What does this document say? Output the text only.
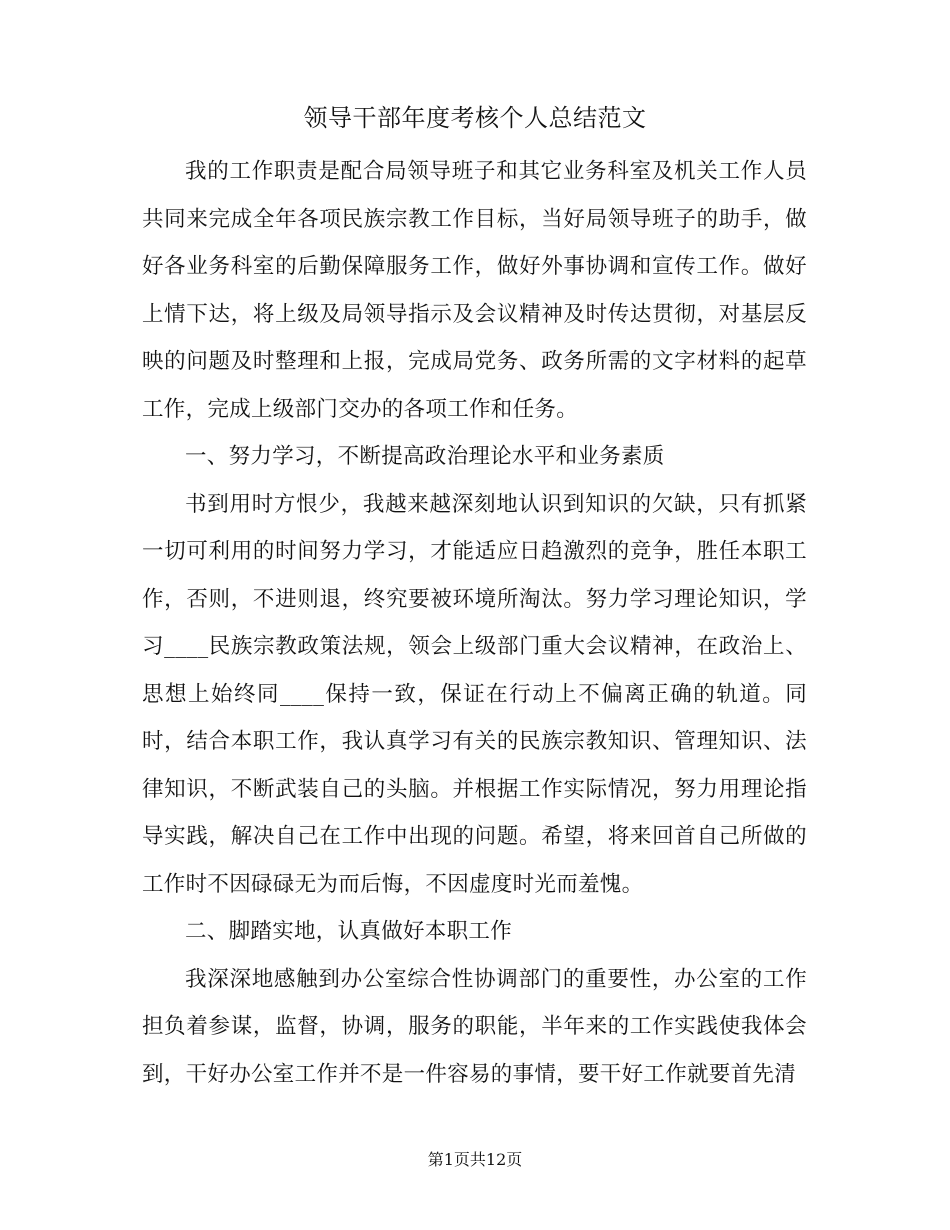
领导干部年度考核个人总结范文

我的工作职责是配合局领导班子和其它业务科室及机关工作人员共同来完成全年各项民族宗教工作目标，当好局领导班子的助手，做好各业务科室的后勤保障服务工作，做好外事协调和宣传工作。做好上情下达，将上级及局领导指示及会议精神及时传达贯彻，对基层反映的问题及时整理和上报，完成局党务、政务所需的文字材料的起草工作，完成上级部门交办的各项工作和任务。

一、努力学习，不断提高政治理论水平和业务素质

书到用时方恨少，我越来越深刻地认识到知识的欠缺，只有抓紧一切可利用的时间努力学习，才能适应日趋激烈的竞争，胜任本职工作，否则，不进则退，终究要被环境所淘汰。努力学习理论知识，学习____民族宗教政策法规，领会上级部门重大会议精神，在政治上、思想上始终同____保持一致，保证在行动上不偏离正确的轨道。同时，结合本职工作，我认真学习有关的民族宗教知识、管理知识、法律知识，不断武装自己的头脑。并根据工作实际情况，努力用理论指导实践，解决自己在工作中出现的问题。希望，将来回首自己所做的工作时不因碌碌无为而后悔，不因虚度时光而羞愧。

二、脚踏实地，认真做好本职工作

我深深地感触到办公室综合性协调部门的重要性，办公室的工作担负着参谋，监督，协调，服务的职能，半年来的工作实践使我体会到，干好办公室工作并不是一件容易的事情，要干好工作就要首先清

第1页共12页
